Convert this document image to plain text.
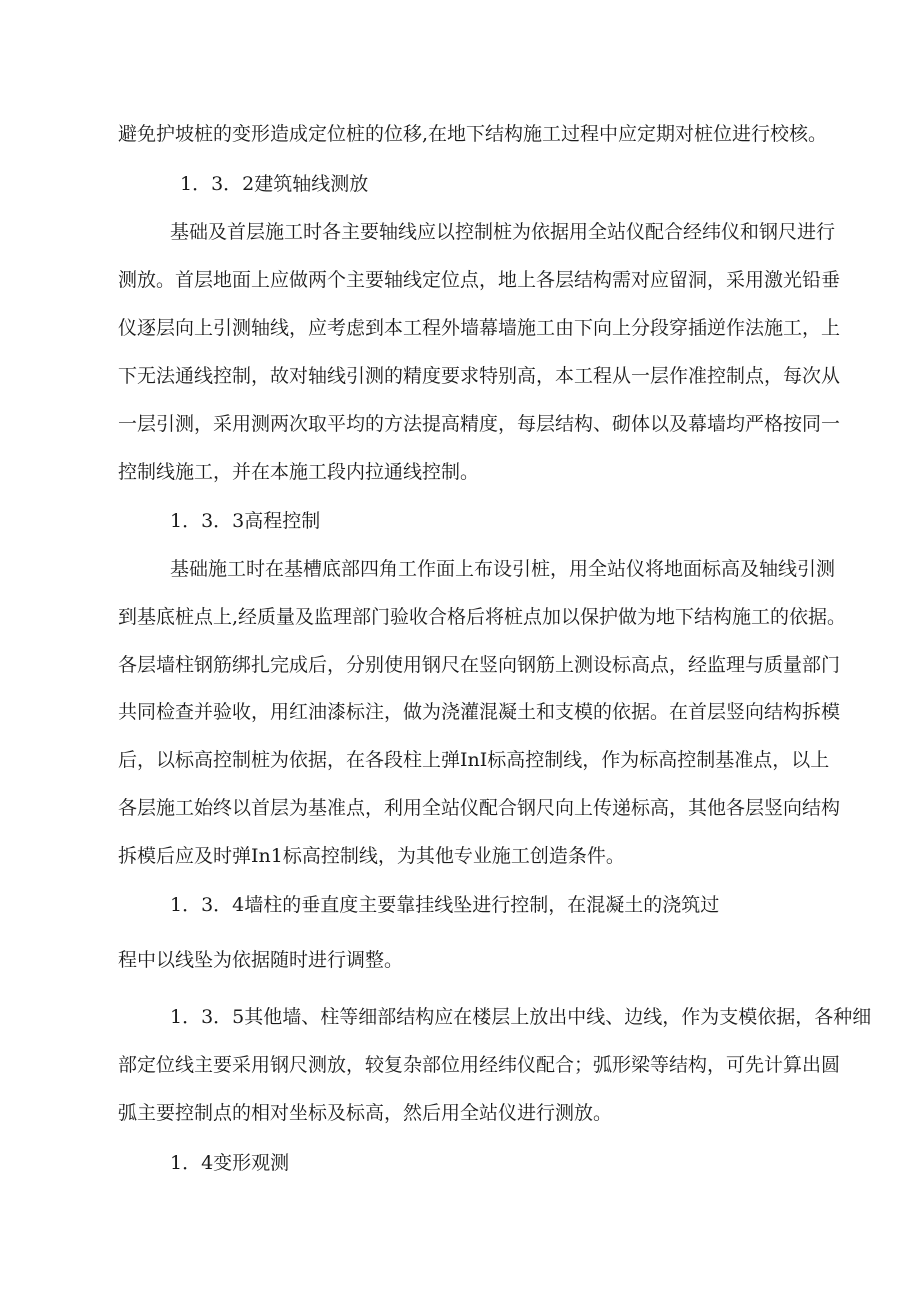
避免护坡桩的变形造成定位桩的位移,在地下结构施工过程中应定期对桩位进行校核。
1．3．2建筑轴线测放
基础及首层施工时各主要轴线应以控制桩为依据用全站仪配合经纬仪和钢尺进行
测放。首层地面上应做两个主要轴线定位点，地上各层结构需对应留洞，采用激光铅垂
仪逐层向上引测轴线，应考虑到本工程外墙幕墙施工由下向上分段穿插逆作法施工，上
下无法通线控制，故对轴线引测的精度要求特别高，本工程从一层作准控制点，每次从
一层引测，采用测两次取平均的方法提高精度，每层结构、砌体以及幕墙均严格按同一
控制线施工，并在本施工段内拉通线控制。
1．3．3高程控制
基础施工时在基槽底部四角工作面上布设引桩，用全站仪将地面标高及轴线引测
到基底桩点上,经质量及监理部门验收合格后将桩点加以保护做为地下结构施工的依据。
各层墙柱钢筋绑扎完成后，分别使用钢尺在竖向钢筋上测设标高点，经监理与质量部门
共同检查并验收，用红油漆标注，做为浇灌混凝土和支模的依据。在首层竖向结构拆模
后，以标高控制桩为依据，在各段柱上弹InI标高控制线，作为标高控制基准点，以上
各层施工始终以首层为基准点，利用全站仪配合钢尺向上传递标高，其他各层竖向结构
拆模后应及时弹In1标高控制线，为其他专业施工创造条件。
1．3．4墙柱的垂直度主要靠挂线坠进行控制，在混凝土的浇筑过
程中以线坠为依据随时进行调整。
1．3．5其他墙、柱等细部结构应在楼层上放出中线、边线，作为支模依据，各种细
部定位线主要采用钢尺测放，较复杂部位用经纬仪配合；弧形梁等结构，可先计算出圆
弧主要控制点的相对坐标及标高，然后用全站仪进行测放。
1．4变形观测
